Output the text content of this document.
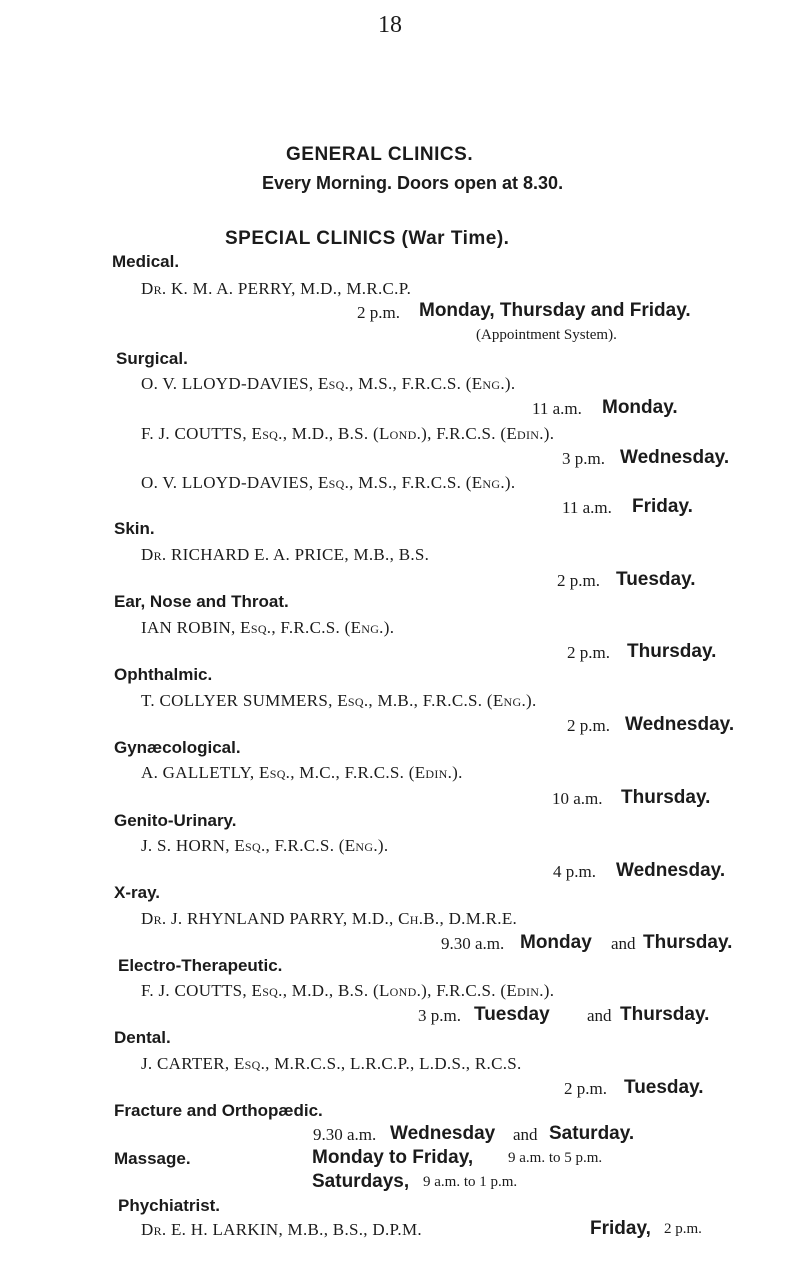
18
GENERAL CLINICS.
Every Morning. Doors open at 8.30.
SPECIAL CLINICS (War Time).
Medical.
Dr. K. M. A. PERRY, M.D., M.R.C.P.
2 p.m. Monday, Thursday and Friday.
(Appointment System).
Surgical.
O. V. LLOYD-DAVIES, Esq., M.S., F.R.C.S. (Eng.).
11 a.m. Monday.
F. J. COUTTS, Esq., M.D., B.S. (Lond.), F.R.C.S. (Edin.).
3 p.m. Wednesday.
O. V. LLOYD-DAVIES, Esq., M.S., F.R.C.S. (Eng.).
11 a.m. Friday.
Skin.
Dr. RICHARD E. A. PRICE, M.B., B.S.
2 p.m. Tuesday.
Ear, Nose and Throat.
IAN ROBIN, Esq., F.R.C.S. (Eng.).
2 p.m. Thursday.
Ophthalmic.
T. COLLYER SUMMERS, Esq., M.B., F.R.C.S. (Eng.).
2 p.m. Wednesday.
Gynæcological.
A. GALLETLY, Esq., M.C., F.R.C.S. (Edin.).
10 a.m. Thursday.
Genito-Urinary.
J. S. HORN, Esq., F.R.C.S. (Eng.).
4 p.m. Wednesday.
X-ray.
Dr. J. RHYNLAND PARRY, M.D., Ch.B., D.M.R.E.
9.30 a.m. Monday and Thursday.
Electro-Therapeutic.
F. J. COUTTS, Esq., M.D., B.S. (Lond.), F.R.C.S. (Edin.).
3 p.m. Tuesday and Thursday.
Dental.
J. CARTER, Esq., M.R.C.S., L.R.C.P., L.D.S., R.C.S.
2 p.m. Tuesday.
Fracture and Orthopædic.
9.30 a.m. Wednesday and Saturday.
Massage.	Monday to Friday, 9 a.m. to 5 p.m.
Saturdays, 9 a.m. to 1 p.m.
Phychiatrist.
Dr. E. H. LARKIN, M.B., B.S., D.P.M.	Friday, 2 p.m.
